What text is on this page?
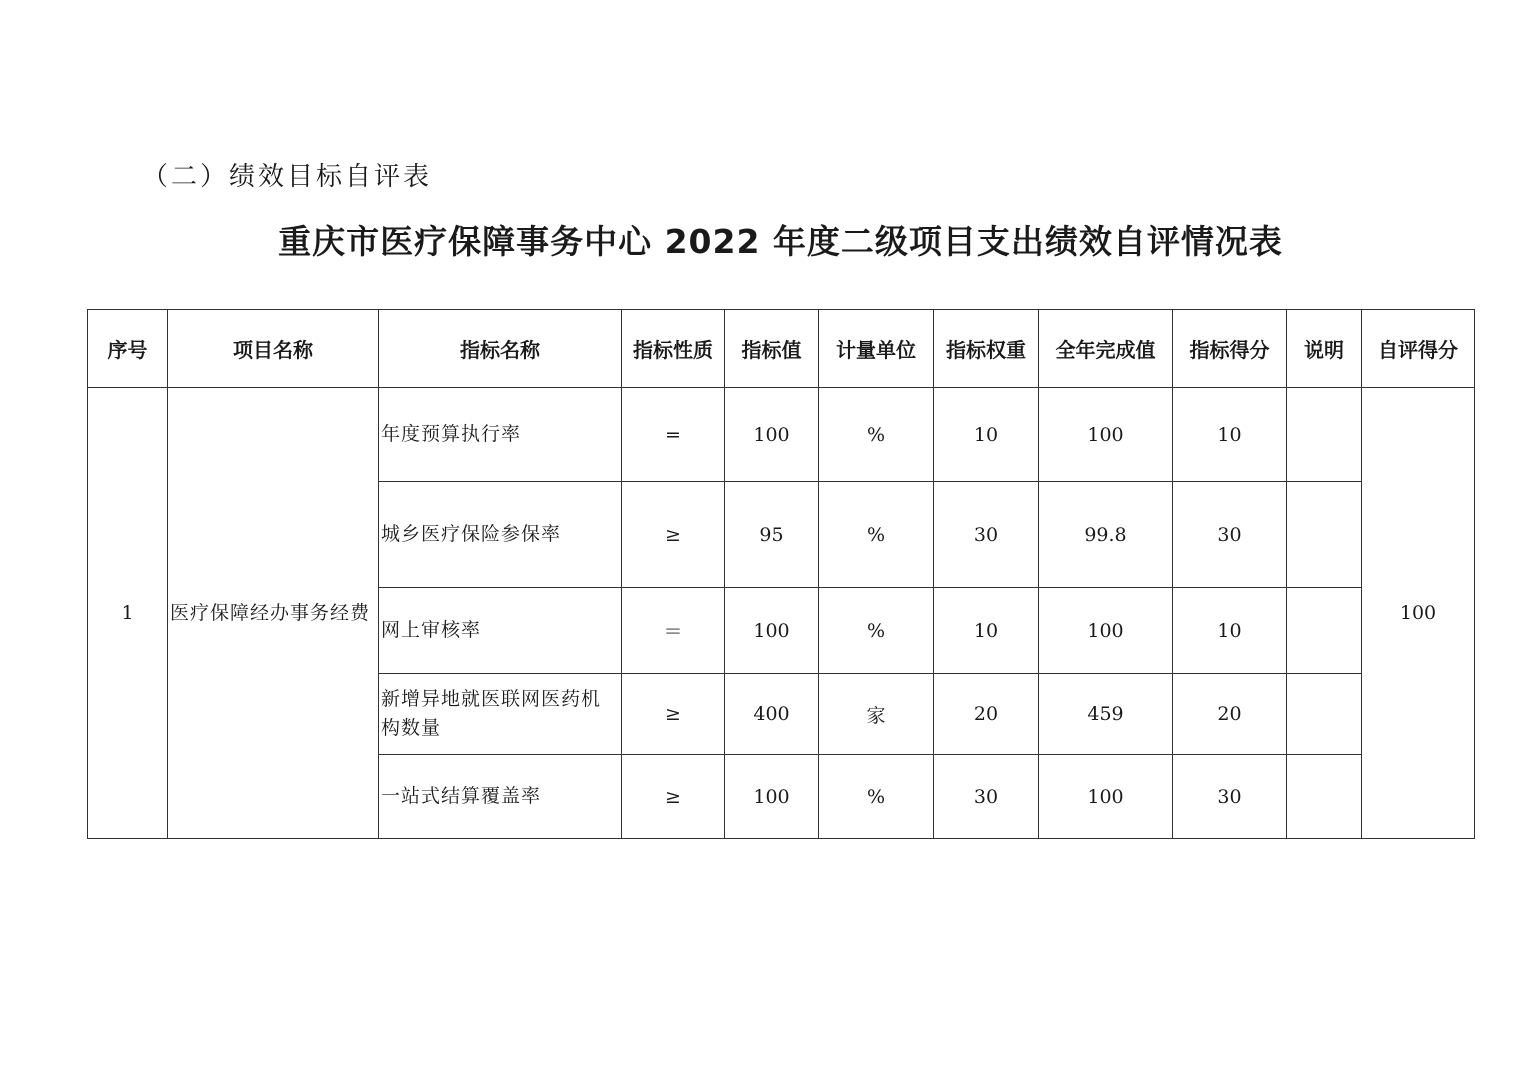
（二）绩效目标自评表
重庆市医疗保障事务中心 2022 年度二级项目支出绩效自评情况表
序号	项目名称	指标名称	指标性质	指标值	计量单位	指标权重	全年完成值	指标得分	说明	自评得分
1	医疗保障经办事务经费	年度预算执行率	=	100	%	10	100	10		100
		城乡医疗保险参保率	≥	95	%	30	99.8	30		
		网上审核率	＝	100	%	10	100	10		
		新增异地就医联网医药机构数量	≥	400	家	20	459	20		
		一站式结算覆盖率	≥	100	%	30	100	30		
